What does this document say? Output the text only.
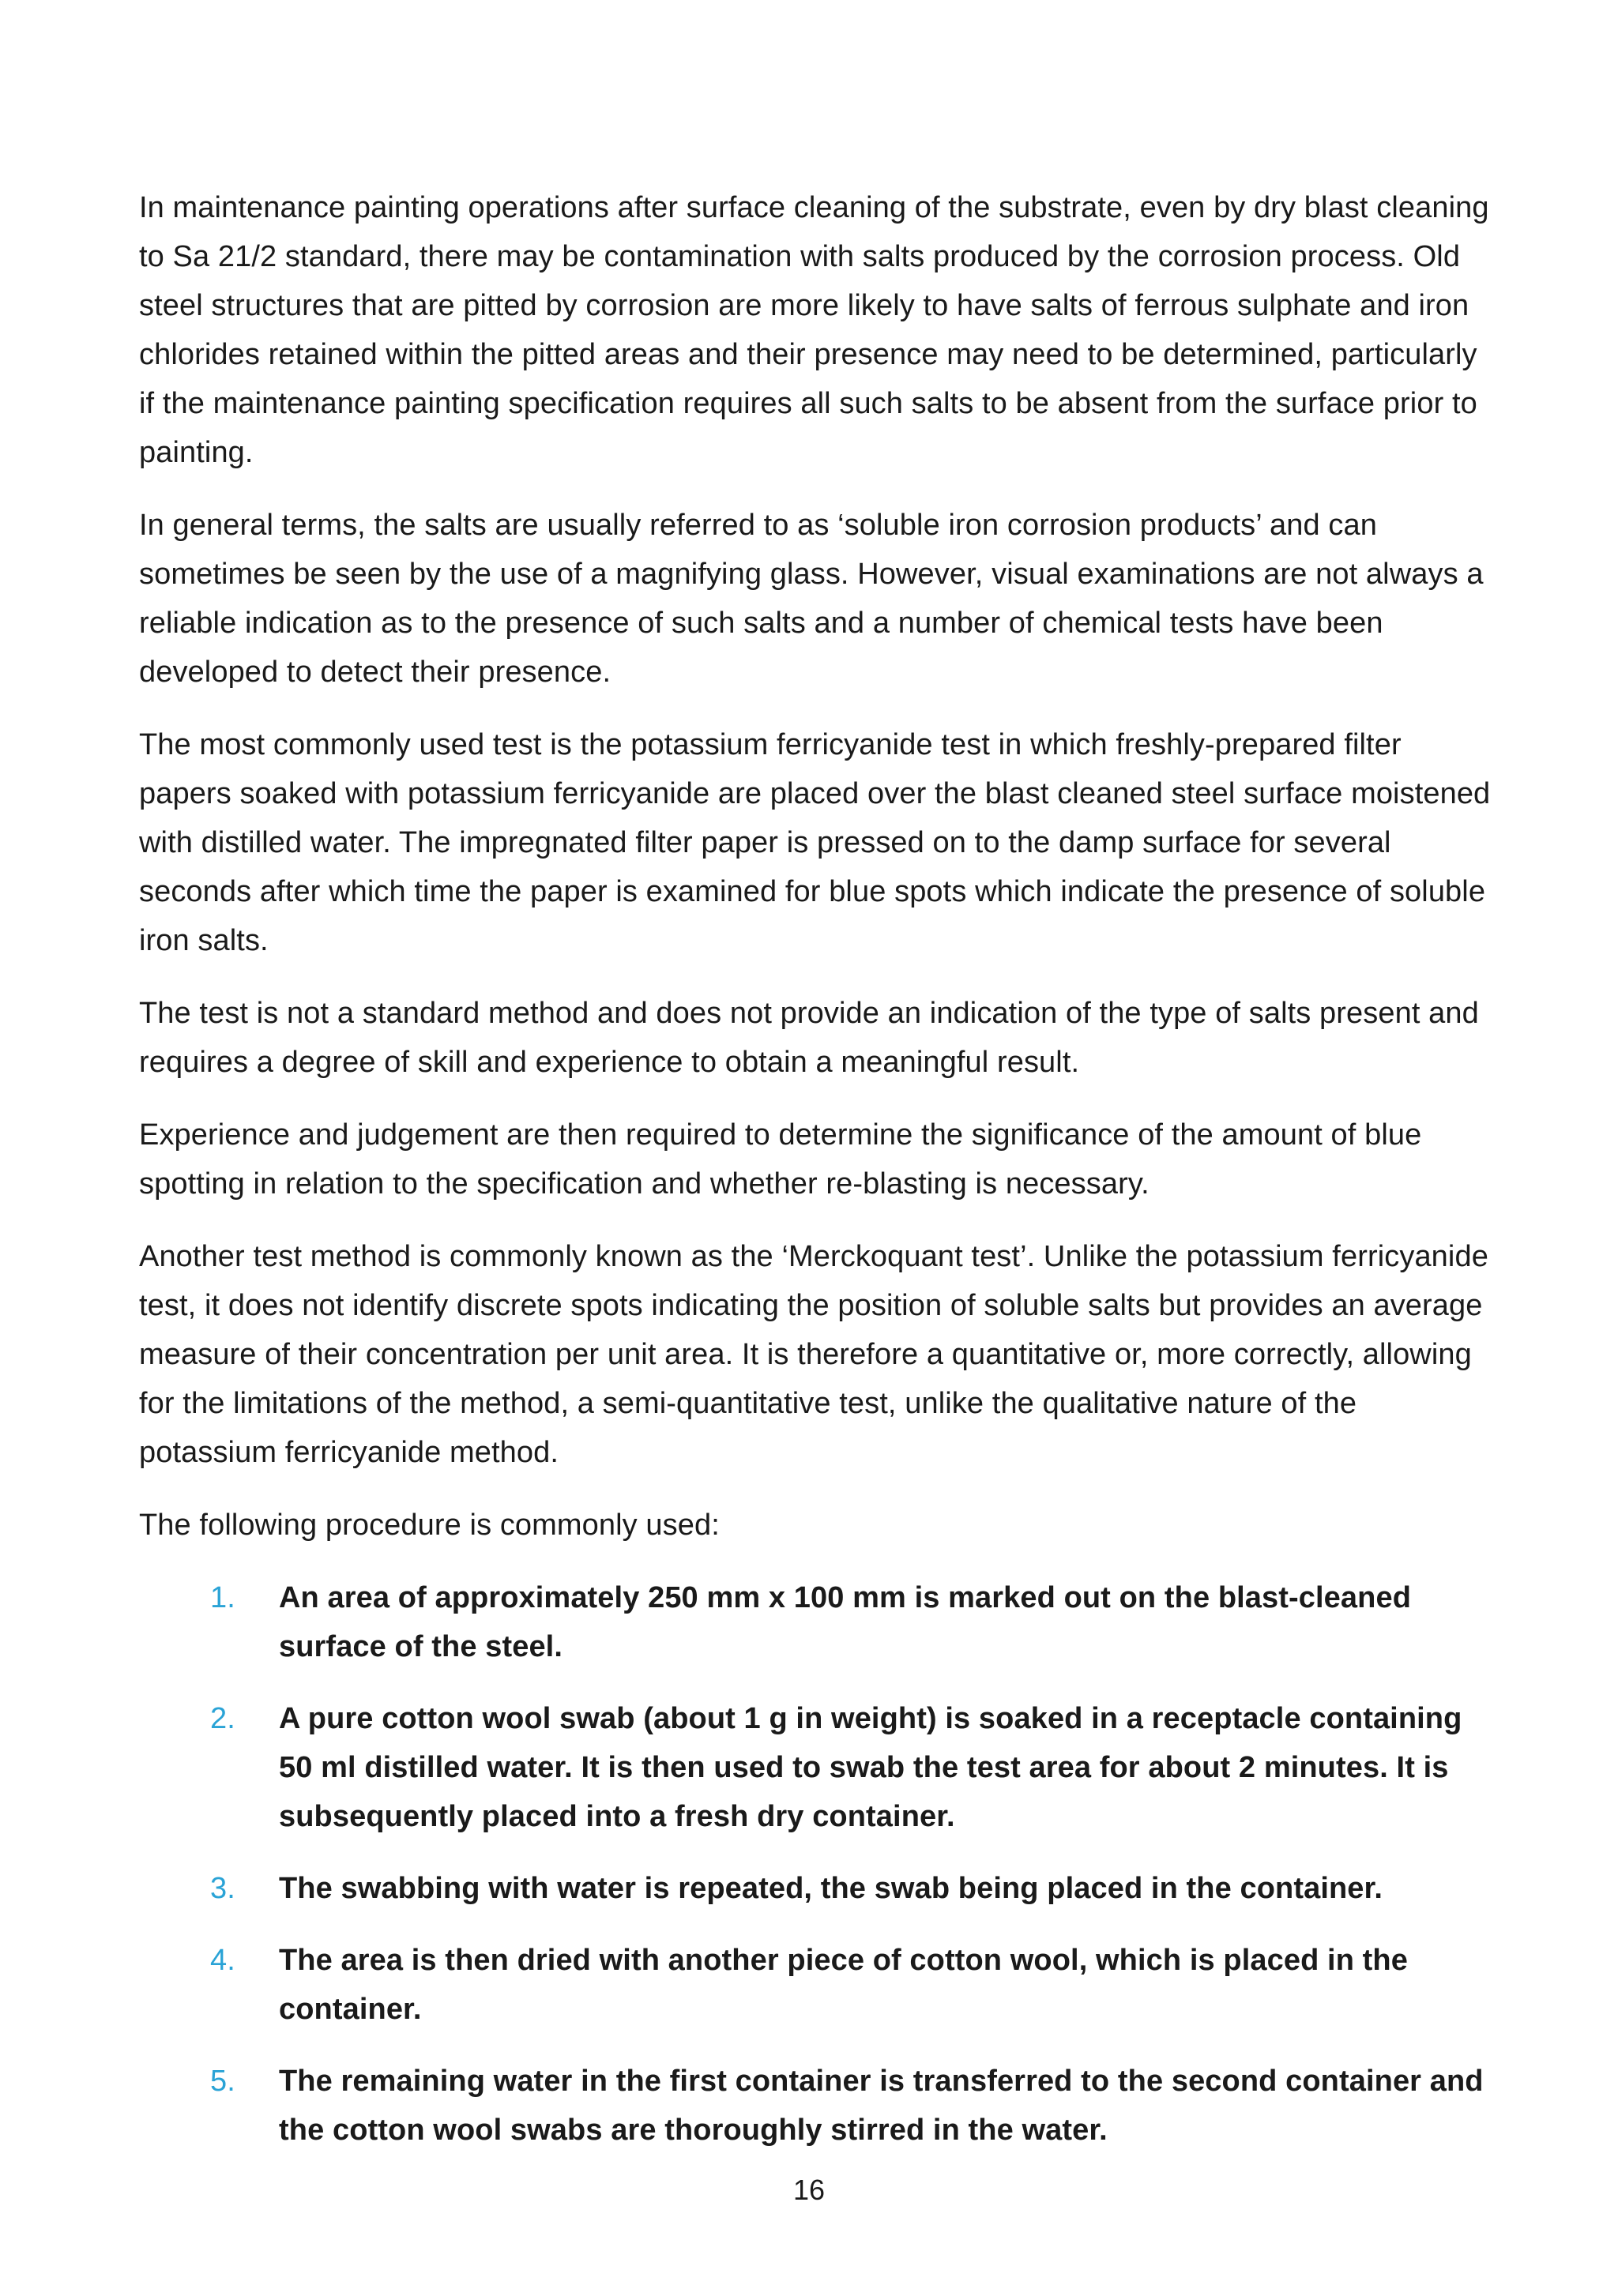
In maintenance painting operations after surface cleaning of the substrate, even by dry blast cleaning to Sa 21/2 standard, there may be contamination with salts produced by the corrosion process. Old steel structures that are pitted by corrosion are more likely to have salts of ferrous sulphate and iron chlorides retained within the pitted areas and their presence may need to be determined, particularly if the maintenance painting specification requires all such salts to be absent from the surface prior to painting.

In general terms, the salts are usually referred to as ‘soluble iron corrosion products’ and can sometimes be seen by the use of a magnifying glass. However, visual examinations are not always a reliable indication as to the presence of such salts and a number of chemical tests have been developed to detect their presence.

The most commonly used test is the potassium ferricyanide test in which freshly-prepared filter papers soaked with potassium ferricyanide are placed over the blast cleaned steel surface moistened with distilled water. The impregnated filter paper is pressed on to the damp surface for several seconds after which time the paper is examined for blue spots which indicate the presence of soluble iron salts.

The test is not a standard method and does not provide an indication of the type of salts present and requires a degree of skill and experience to obtain a meaningful result.

Experience and judgement are then required to determine the significance of the amount of blue spotting in relation to the specification and whether re-blasting is necessary.

Another test method is commonly known as the ‘Merckoquant test’. Unlike the potassium ferricyanide test, it does not identify discrete spots indicating the position of soluble salts but provides an average measure of their concentration per unit area. It is therefore a quantitative or, more correctly, allowing for the limitations of the method, a semi-quantitative test, unlike the qualitative nature of the potassium ferricyanide method.

The following procedure is commonly used:

1. An area of approximately 250 mm x 100 mm is marked out on the blast-cleaned surface of the steel.
2. A pure cotton wool swab (about 1 g in weight) is soaked in a receptacle containing 50 ml distilled water. It is then used to swab the test area for about 2 minutes. It is subsequently placed into a fresh dry container.
3. The swabbing with water is repeated, the swab being placed in the container.
4. The area is then dried with another piece of cotton wool, which is placed in the container.
5. The remaining water in the first container is transferred to the second container and the cotton wool swabs are thoroughly stirred in the water.
16
